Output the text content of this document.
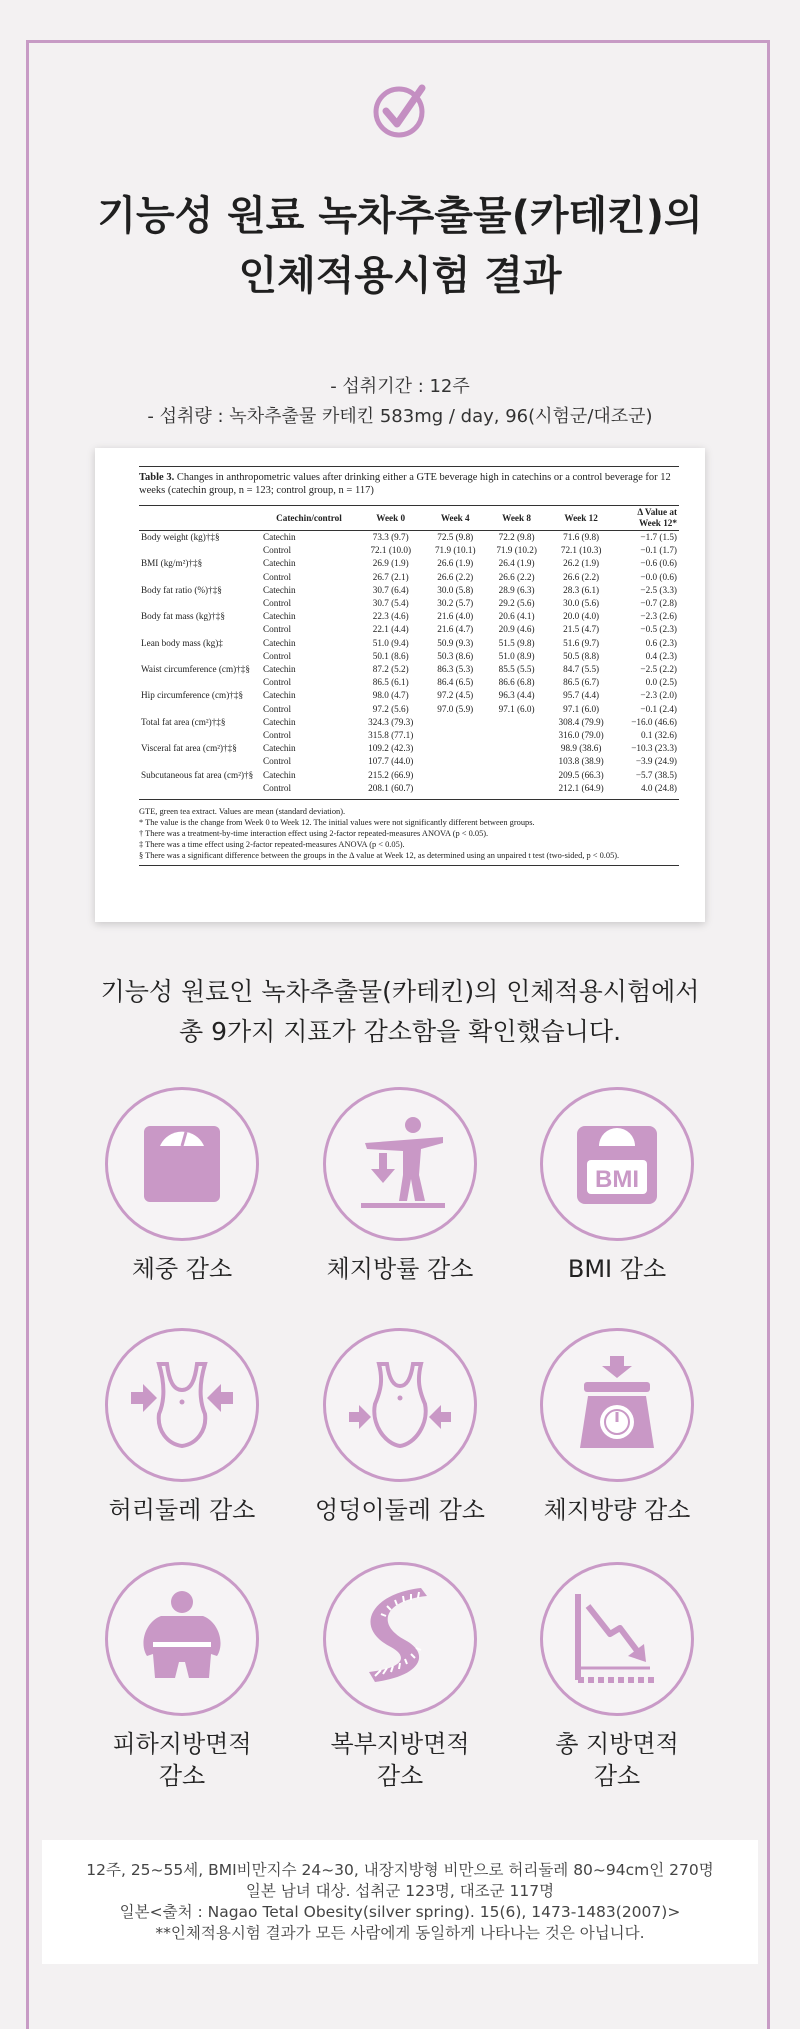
기능성 원료 녹차추출물(카테킨)의
인체적용시험 결과
- 섭취기간 : 12주
- 섭취량 : 녹차추출물 카테킨 583mg / day, 96(시험군/대조군)
Table 3. Changes in anthropometric values after drinking either a GTE beverage high in catechins or a control beverage for 12 weeks (catechin group, n = 123; control group, n = 117)
	Catechin/control	Week 0	Week 4	Week 8	Week 12	Δ Value at Week 12*

Body weight (kg)†‡§	Catechin	73.3 (9.7)	72.5 (9.8)	72.2 (9.8)	71.6 (9.8)	−1.7 (1.5)
	Control	72.1 (10.0)	71.9 (10.1)	71.9 (10.2)	72.1 (10.3)	−0.1 (1.7)
BMI (kg/m²)†‡§	Catechin	26.9 (1.9)	26.6 (1.9)	26.4 (1.9)	26.2 (1.9)	−0.6 (0.6)
	Control	26.7 (2.1)	26.6 (2.2)	26.6 (2.2)	26.6 (2.2)	−0.0 (0.6)
Body fat ratio (%)†‡§	Catechin	30.7 (6.4)	30.0 (5.8)	28.9 (6.3)	28.3 (6.1)	−2.5 (3.3)
	Control	30.7 (5.4)	30.2 (5.7)	29.2 (5.6)	30.0 (5.6)	−0.7 (2.8)
Body fat mass (kg)†‡§	Catechin	22.3 (4.6)	21.6 (4.0)	20.6 (4.1)	20.0 (4.0)	−2.3 (2.6)
	Control	22.1 (4.4)	21.6 (4.7)	20.9 (4.6)	21.5 (4.7)	−0.5 (2.3)
Lean body mass (kg)‡	Catechin	51.0 (9.4)	50.9 (9.3)	51.5 (9.8)	51.6 (9.7)	0.6 (2.3)
	Control	50.1 (8.6)	50.3 (8.6)	51.0 (8.9)	50.5 (8.8)	0.4 (2.3)
Waist circumference (cm)†‡§	Catechin	87.2 (5.2)	86.3 (5.3)	85.5 (5.5)	84.7 (5.5)	−2.5 (2.2)
	Control	86.5 (6.1)	86.4 (6.5)	86.6 (6.8)	86.5 (6.7)	0.0 (2.5)
Hip circumference (cm)†‡§	Catechin	98.0 (4.7)	97.2 (4.5)	96.3 (4.4)	95.7 (4.4)	−2.3 (2.0)
	Control	97.2 (5.6)	97.0 (5.9)	97.1 (6.0)	97.1 (6.0)	−0.1 (2.4)
Total fat area (cm²)†‡§	Catechin	324.3 (79.3)			308.4 (79.9)	−16.0 (46.6)
	Control	315.8 (77.1)			316.0 (79.0)	0.1 (32.6)
Visceral fat area (cm²)†‡§	Catechin	109.2 (42.3)			98.9 (38.6)	−10.3 (23.3)
	Control	107.7 (44.0)			103.8 (38.9)	−3.9 (24.9)
Subcutaneous fat area (cm²)†§	Catechin	215.2 (66.9)			209.5 (66.3)	−5.7 (38.5)
	Control	208.1 (60.7)			212.1 (64.9)	4.0 (24.8)
GTE, green tea extract. Values are mean (standard deviation).
* The value is the change from Week 0 to Week 12. The initial values were not significantly different between groups.
† There was a treatment-by-time interaction effect using 2-factor repeated-measures ANOVA (p < 0.05).
‡ There was a time effect using 2-factor repeated-measures ANOVA (p < 0.05).
§ There was a significant difference between the groups in the Δ value at Week 12, as determined using an unpaired t test (two-sided, p < 0.05).
기능성 원료인 녹차추출물(카테킨)의 인체적용시험에서
총 9가지 지표가 감소함을 확인했습니다.
체중 감소	체지방률 감소
BMI
BMI 감소
허리둘레 감소	엉덩이둘레 감소	체지방량 감소
피하지방면적
감소
복부지방면적
감소
총 지방면적
감소
12주, 25~55세, BMI비만지수 24~30, 내장지방형 비만으로 허리둘레 80~94cm인 270명
일본 남녀 대상. 섭취군 123명, 대조군 117명
일본<출처 : Nagao Tetal Obesity(silver spring). 15(6), 1473-1483(2007)>
**인체적용시험 결과가 모든 사람에게 동일하게 나타나는 것은 아닙니다.
